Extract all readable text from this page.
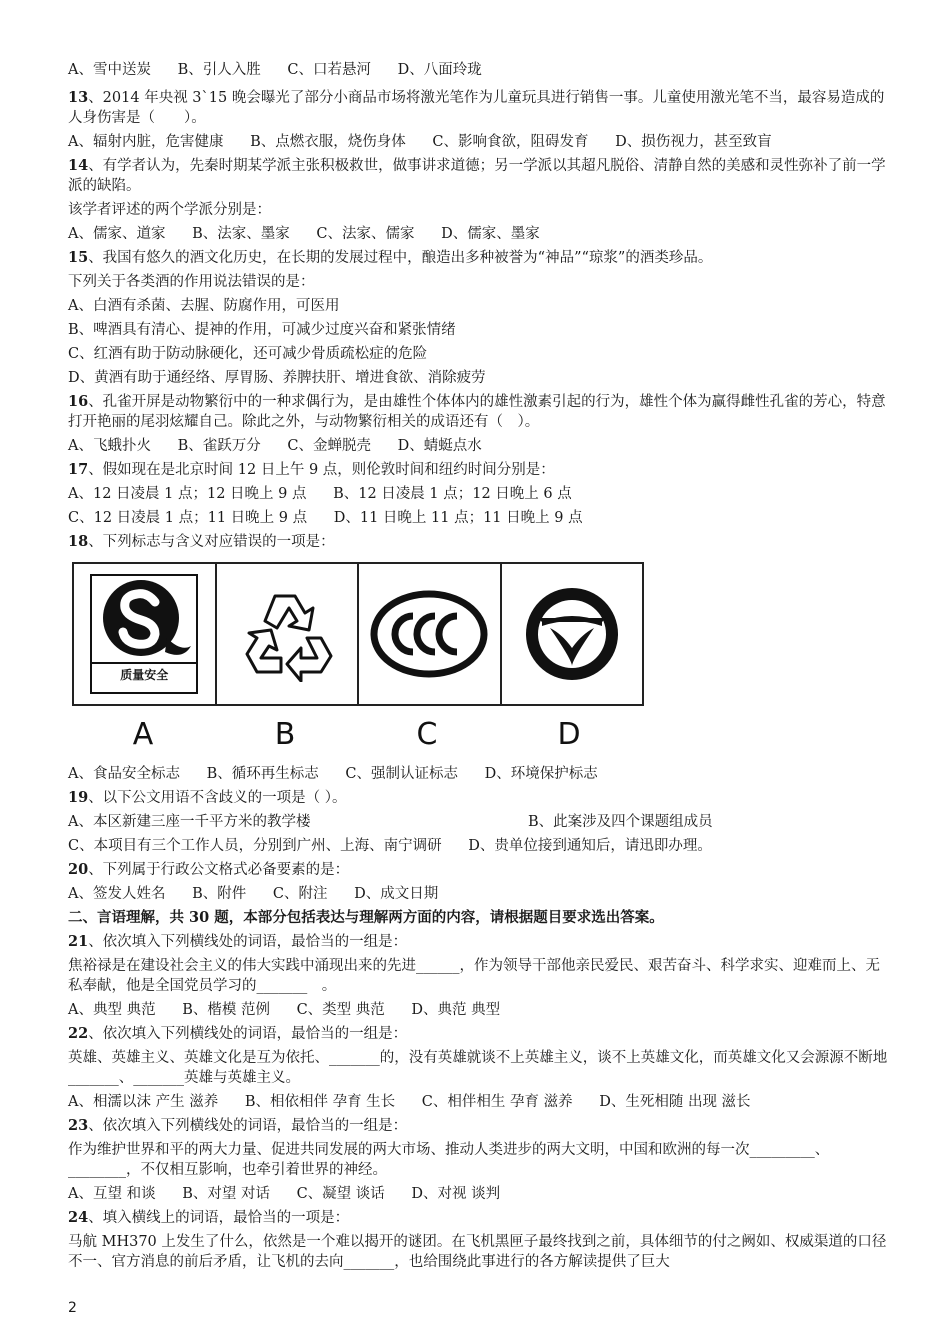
A、雪中送炭 B、引人入胜 C、口若悬河 D、八面玲珑
13、2014 年央视 3`15 晚会曝光了部分小商品市场将激光笔作为儿童玩具进行销售一事。儿童使用激光笔不当，最容易造成的人身伤害是（　　）。
A、辐射内脏，危害健康 B、点燃衣服，烧伤身体 C、影响食欲，阻碍发育 D、损伤视力，甚至致盲
14、有学者认为，先秦时期某学派主张积极救世，做事讲求道德；另一学派以其超凡脱俗、清静自然的美感和灵性弥补了前一学派的缺陷。
该学者评述的两个学派分别是：
A、儒家、道家 B、法家、墨家 C、法家、儒家 D、儒家、墨家
15、我国有悠久的酒文化历史，在长期的发展过程中，酿造出多种被誉为“神品”“琼浆”的酒类珍品。
下列关于各类酒的作用说法错误的是：
A、白酒有杀菌、去腥、防腐作用，可医用
B、啤酒具有清心、提神的作用，可减少过度兴奋和紧张情绪
C、红酒有助于防动脉硬化，还可减少骨质疏松症的危险
D、黄酒有助于通经络、厚胃肠、养脾扶肝、增进食欲、消除疲劳
16、孔雀开屏是动物繁衍中的一种求偶行为，是由雄性个体体内的雄性激素引起的行为，雄性个体为赢得雌性孔雀的芳心，特意打开艳丽的尾羽炫耀自己。除此之外，与动物繁衍相关的成语还有（　）。
A、飞蛾扑火 B、雀跃万分 C、金蝉脱壳 D、蜻蜓点水
17、假如现在是北京时间 12 日上午 9 点，则伦敦时间和纽约时间分别是：
A、12 日凌晨 1 点；12 日晚上 9 点 B、12 日凌晨 1 点；12 日晚上 6 点
C、12 日凌晨 1 点；11 日晚上 9 点 D、11 日晚上 11 点；11 日晚上 9 点
18、下列标志与含义对应错误的一项是：
质量安全
A	B	C	D
A、食品安全标志 B、循环再生标志 C、强制认证标志 D、环境保护标志
19、以下公文用语不含歧义的一项是（ ）。
A、本区新建三座一千平方米的教学楼	B、此案涉及四个课题组成员
C、本项目有三个工作人员，分别到广州、上海、南宁调研 D、贵单位接到通知后，请迅即办理。
20、下列属于行政公文格式必备要素的是：
A、签发人姓名 B、附件 C、附注 D、成文日期
二、言语理解，共 30 题，本部分包括表达与理解两方面的内容，请根据题目要求选出答案。
21、依次填入下列横线处的词语，最恰当的一组是：
焦裕禄是在建设社会主义的伟大实践中涌现出来的先进______，作为领导干部他亲民爱民、艰苦奋斗、科学求实、迎难而上、无私奉献，他是全国党员学习的_______　。
A、典型 典范 B、楷模 范例 C、类型 典范 D、典范 典型
22、依次填入下列横线处的词语，最恰当的一组是：
英雄、英雄主义、英雄文化是互为依托、_______的，没有英雄就谈不上英雄主义，谈不上英雄文化，而英雄文化又会源源不断地_______、_______英雄与英雄主义。
A、相濡以沫 产生 滋养 B、相依相伴 孕育 生长 C、相伴相生 孕育 滋养 D、生死相随 出现 滋长
23、依次填入下列横线处的词语，最恰当的一组是：
作为维护世界和平的两大力量、促进共同发展的两大市场、推动人类进步的两大文明，中国和欧洲的每一次_________、________，不仅相互影响，也牵引着世界的神经。
A、互望 和谈 B、对望 对话 C、凝望 谈话 D、对视 谈判
24、填入横线上的词语，最恰当的一项是：
马航 MH370 上发生了什么，依然是一个难以揭开的谜团。在飞机黑匣子最终找到之前，具体细节的付之阙如、权威渠道的口径不一、官方消息的前后矛盾，让飞机的去向_______，也给围绕此事进行的各方解读提供了巨大
2
